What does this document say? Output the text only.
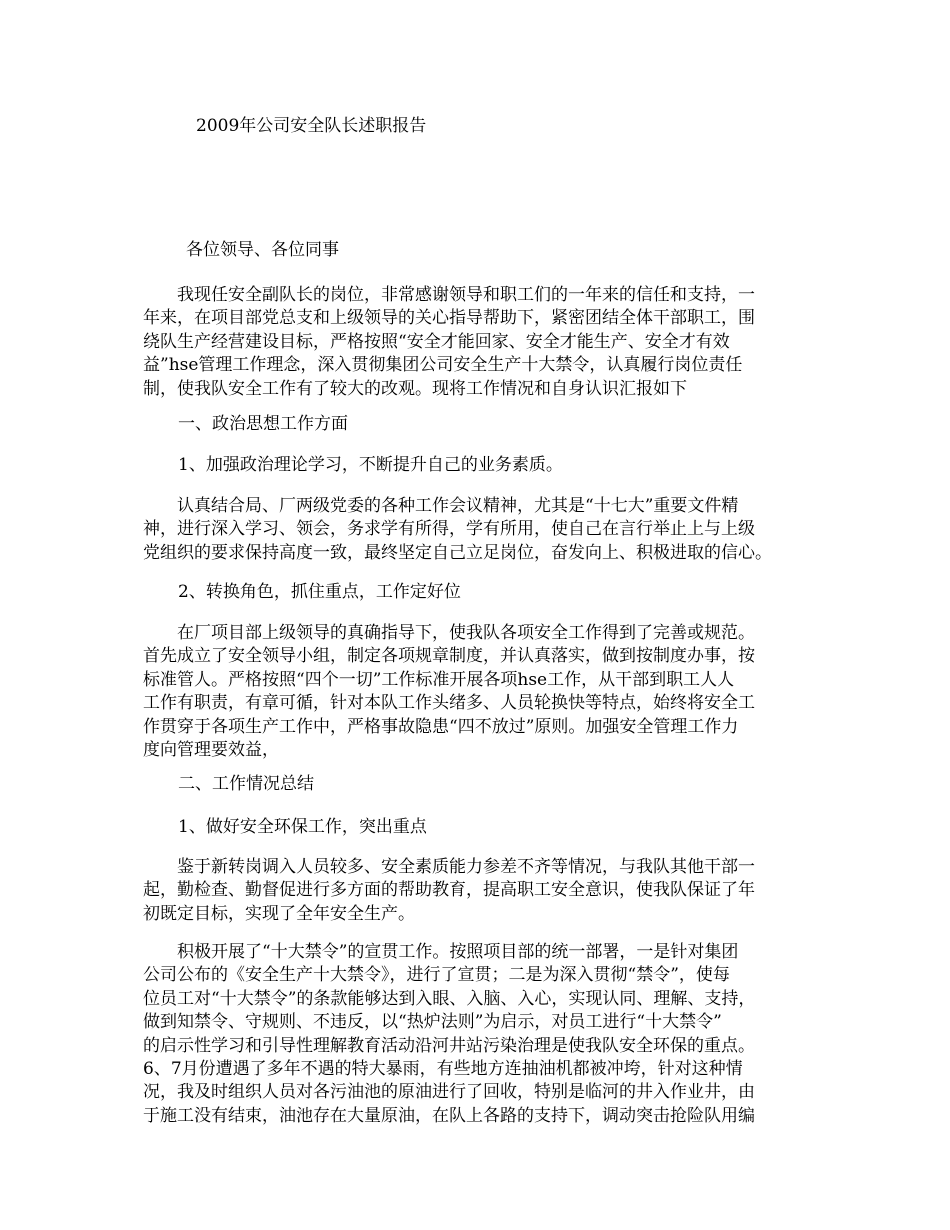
2009年公司安全队长述职报告
各位领导、各位同事
　　我现任安全副队长的岗位，非常感谢领导和职工们的一年来的信任和支持，一
年来，在项目部党总支和上级领导的关心指导帮助下，紧密团结全体干部职工，围
绕队生产经营建设目标，严格按照“安全才能回家、安全才能生产、安全才有效
益”hse管理工作理念，深入贯彻集团公司安全生产十大禁令，认真履行岗位责任
制，使我队安全工作有了较大的改观。现将工作情况和自身认识汇报如下
一、政治思想工作方面
1、加强政治理论学习，不断提升自己的业务素质。
　　认真结合局、厂两级党委的各种工作会议精神，尤其是“十七大”重要文件精
神，进行深入学习、领会，务求学有所得，学有所用，使自己在言行举止上与上级
党组织的要求保持高度一致，最终坚定自己立足岗位，奋发向上、积极进取的信心。
2、转换角色，抓住重点，工作定好位
　　在厂项目部上级领导的真确指导下，使我队各项安全工作得到了完善或规范。
首先成立了安全领导小组，制定各项规章制度，并认真落实，做到按制度办事，按
标准管人。严格按照“四个一切”工作标准开展各项hse工作，从干部到职工人人
工作有职责，有章可循，针对本队工作头绪多、人员轮换快等特点，始终将安全工
作贯穿于各项生产工作中，严格事故隐患“四不放过”原则。加强安全管理工作力
度向管理要效益，
二、工作情况总结
1、做好安全环保工作，突出重点
　　鉴于新转岗调入人员较多、安全素质能力参差不齐等情况，与我队其他干部一
起，勤检查、勤督促进行多方面的帮助教育，提高职工安全意识，使我队保证了年
初既定目标，实现了全年安全生产。
　　积极开展了“十大禁令”的宣贯工作。按照项目部的统一部署，一是针对集团
公司公布的《安全生产十大禁令》，进行了宣贯；二是为深入贯彻“禁令”，使每
位员工对“十大禁令”的条款能够达到入眼、入脑、入心，实现认同、理解、支持，
做到知禁令、守规则、不违反，以“热炉法则”为启示，对员工进行“十大禁令”
的启示性学习和引导性理解教育活动沿河井站污染治理是使我队安全环保的重点。
6、7月份遭遇了多年不遇的特大暴雨，有些地方连抽油机都被冲垮，针对这种情
况，我及时组织人员对各污油池的原油进行了回收，特别是临河的井入作业井，由
于施工没有结束，油池存在大量原油，在队上各路的支持下，调动突击抢险队用编
